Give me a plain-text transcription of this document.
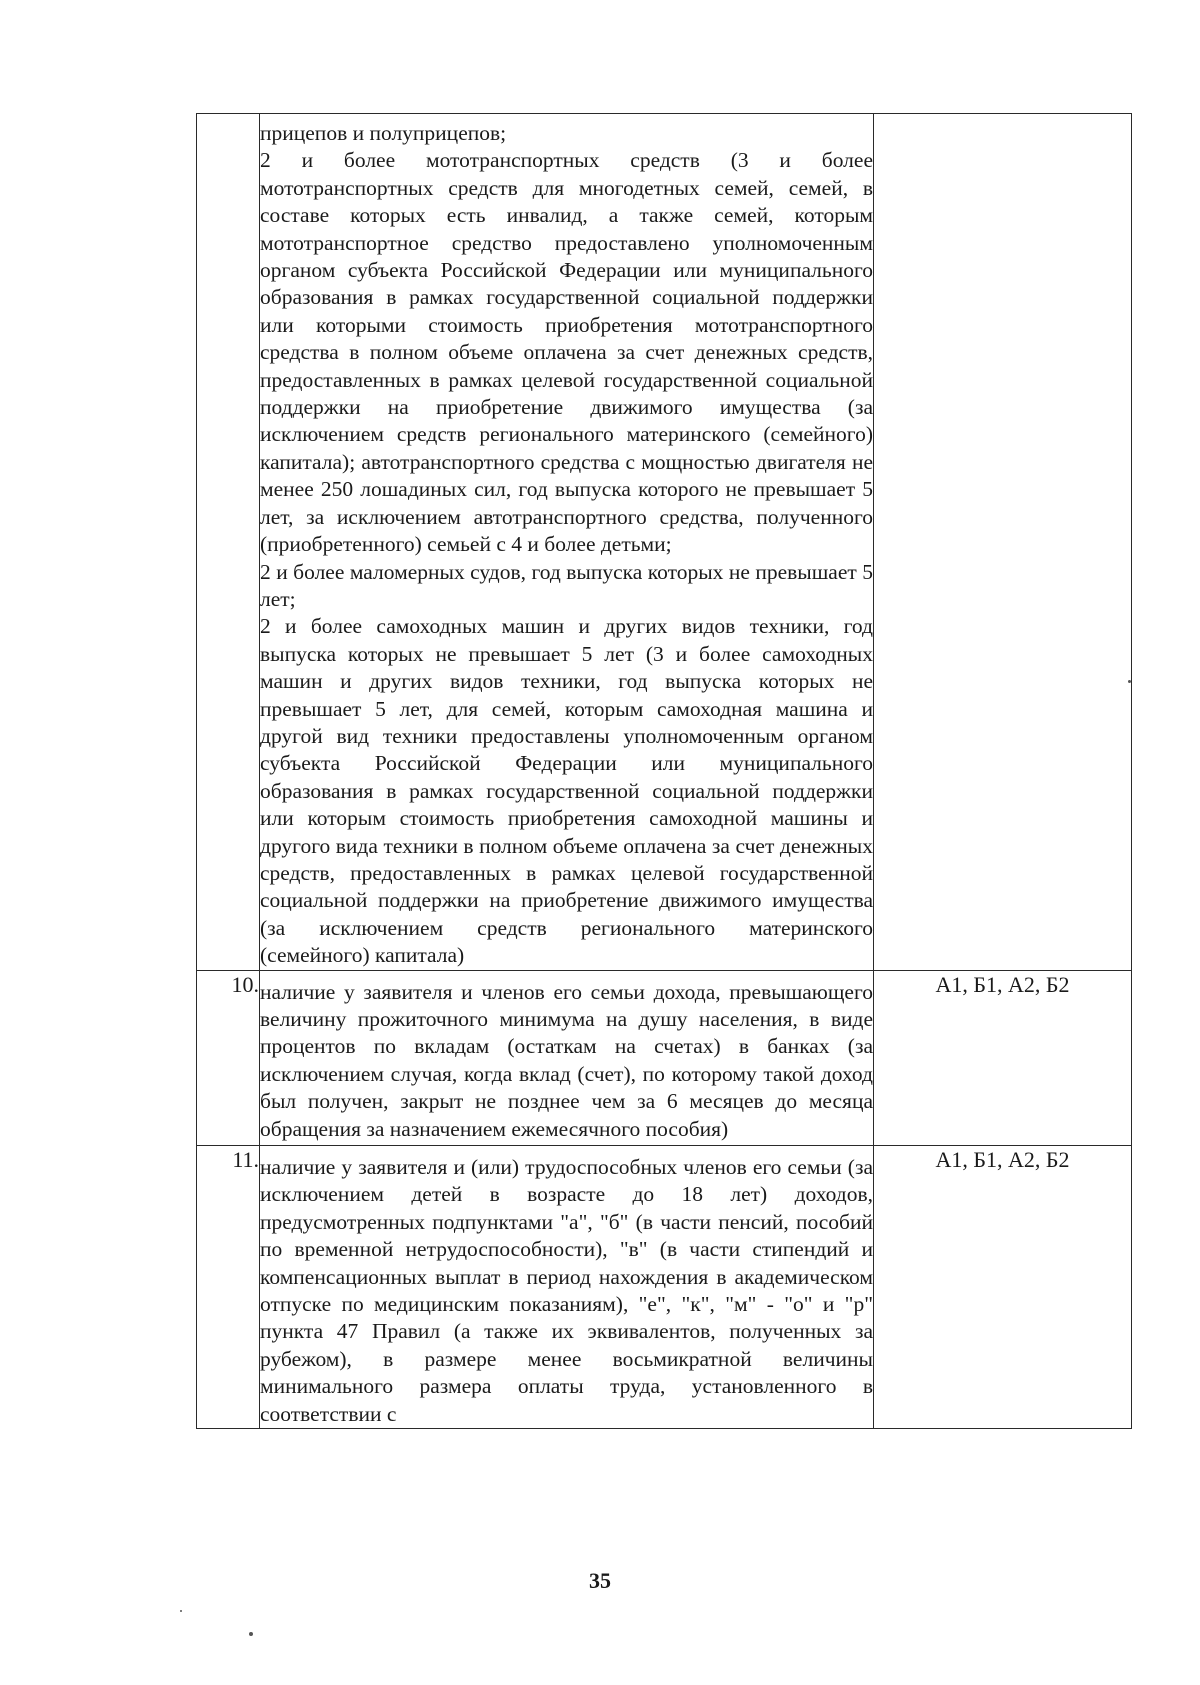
	прицепов и полуприцепов;

2 и более мототранспортных средств (3 и более мототранспортных средств для многодетных семей, семей, в составе которых есть инвалид, а также семей, которым мототранспортное средство предоставлено уполномоченным органом субъекта Российской Федерации или муниципального образования в рамках государственной социальной поддержки или которыми стоимость приобретения мототранспортного средства в полном объеме оплачена за счет денежных средств, предоставленных в рамках целевой государственной социальной поддержки на приобретение движимого имущества (за исключением средств регионального материнского (семейного) капитала); автотранспортного средства с мощностью двигателя не менее 250 лошадиных сил, год выпуска которого не превышает 5 лет, за исключением автотранспортного средства, полученного (приобретенного) семьей с 4 и более детьми;

2 и более маломерных судов, год выпуска которых не превышает 5 лет;

2 и более самоходных машин и других видов техники, год выпуска которых не превышает 5 лет (3 и более самоходных машин и других видов техники, год выпуска которых не превышает 5 лет, для семей, которым самоходная машина и другой вид техники предоставлены уполномоченным органом субъекта Российской Федерации или муниципального образования в рамках государственной социальной поддержки или которым стоимость приобретения самоходной машины и другого вида техники в полном объеме оплачена за счет денежных средств, предоставленных в рамках целевой государственной социальной поддержки на приобретение движимого имущества (за исключением средств регионального материнского (семейного) капитала)	

10.	наличие у заявителя и членов его семьи дохода, превышающего величину прожиточного минимума на душу населения, в виде процентов по вкладам (остаткам на счетах) в банках (за исключением случая, когда вклад (счет), по которому такой доход был получен, закрыт не позднее чем за 6 месяцев до месяца обращения за назначением ежемесячного пособия)	А1, Б1, А2, Б2
11.	наличие у заявителя и (или) трудоспособных членов его семьи (за исключением детей в возрасте до 18 лет) доходов, предусмотренных подпунктами "а", "б" (в части пенсий, пособий по временной нетрудоспособности), "в" (в части стипендий и компенсационных выплат в период нахождения в академическом отпуске по медицинским показаниям), "е", "к", "м" - "о" и "р" пункта 47 Правил (а также их эквивалентов, полученных за рубежом), в размере менее восьмикратной величины минимального размера оплаты труда, установленного в соответствии с	А1, Б1, А2, Б2
35
